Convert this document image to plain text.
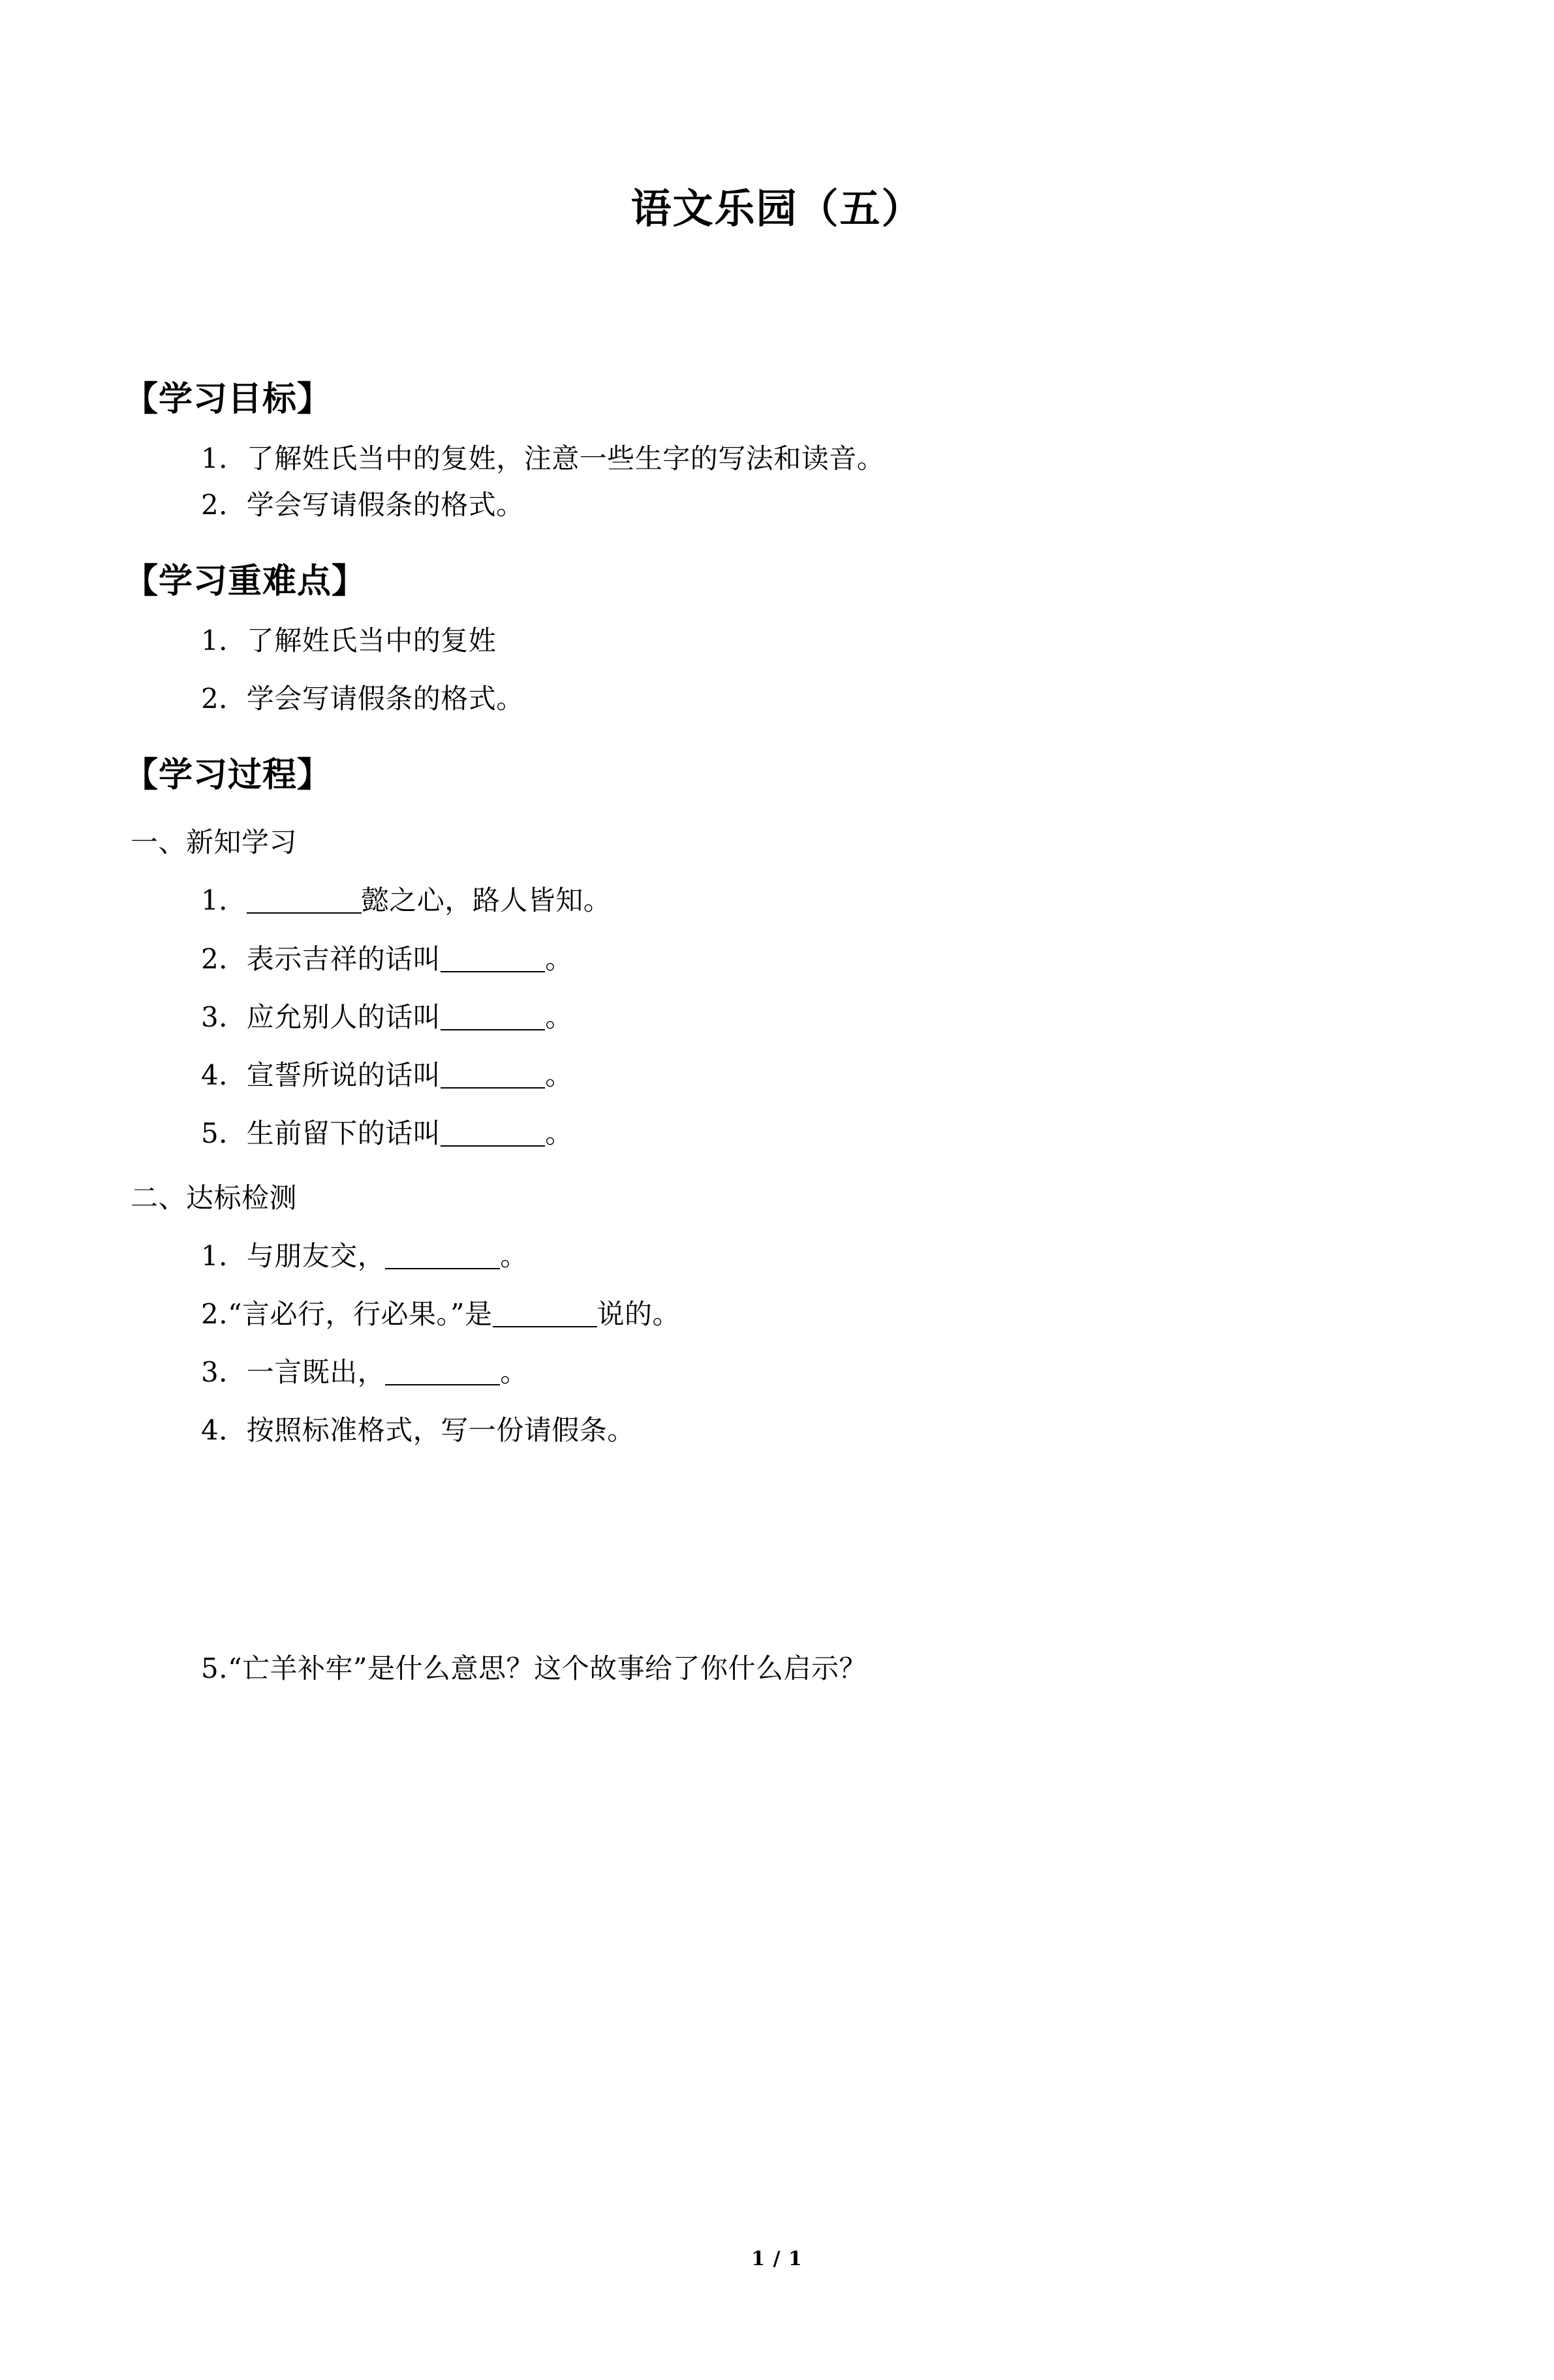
语文乐园（五）
【学习目标】
1．了解姓氏当中的复姓，注意一些生字的写法和读音。
2．学会写请假条的格式。
【学习重难点】
1．了解姓氏当中的复姓
2．学会写请假条的格式。
【学习过程】
一、新知学习
1．	懿之心，路人皆知。
2．表示吉祥的话叫	。
3．应允别人的话叫	。
4．宣誓所说的话叫	。
5．生前留下的话叫	。
二、达标检测
1．与朋友交，	。
2.“言必行，行必果。”是	说的。
3．一言既出，	。
4．按照标准格式，写一份请假条。
5.“亡羊补牢”是什么意思？这个故事给了你什么启示？
1 / 1
